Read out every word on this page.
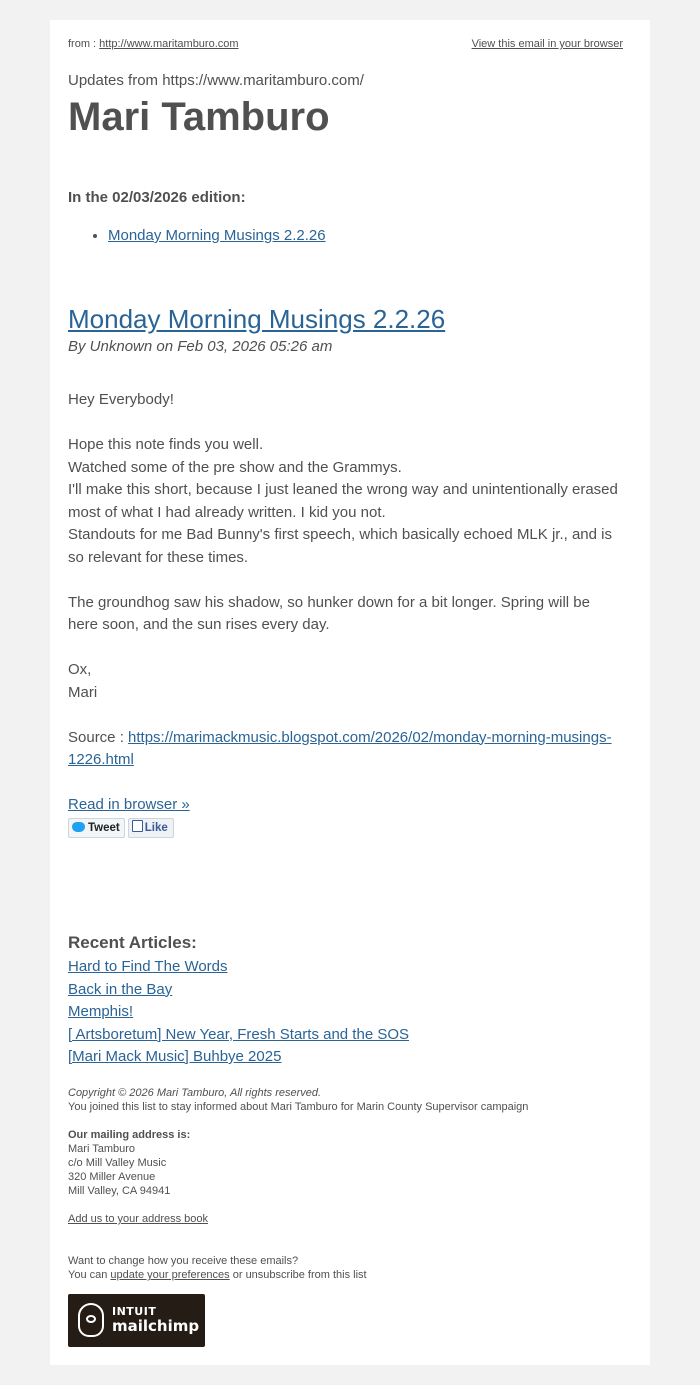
from : http://www.maritamburo.com	View this email in your browser
Updates from https://www.maritamburo.com/
Mari Tamburo
In the 02/03/2026 edition:
• Monday Morning Musings 2.2.26
Monday Morning Musings 2.2.26
By Unknown on Feb 03, 2026 05:26 am

Hey Everybody!

Hope this note finds you well.

Watched some of the pre show and the Grammys.

I'll make this short, because I just leaned the wrong way and unintentionally erased most of what I had already written. I kid you not.

Standouts for me Bad Bunny's first speech, which basically echoed MLK jr., and is so relevant for these times.

The groundhog saw his shadow, so hunker down for a bit longer. Spring will be here soon, and the sun rises every day.

Ox,

Mari

Source : https://marimackmusic.blogspot.com/2026/02/monday-morning-musings-1226.html

Read in browser »
Tweet Like
Recent Articles:
Hard to Find The Words
Back in the Bay
Memphis!
[ Artsboretum] New Year, Fresh Starts and the SOS
[Mari Mack Music] Buhbye 2025

Copyright © 2026 Mari Tamburo, All rights reserved.

You joined this list to stay informed about Mari Tamburo for Marin County Supervisor campaign

Our mailing address is:

Mari Tamburo

c/o Mill Valley Music

320 Miller Avenue

Mill Valley, CA 94941

Add us to your address book

Want to change how you receive these emails?

You can update your preferences or unsubscribe from this list

INTUIT
mailchimp
